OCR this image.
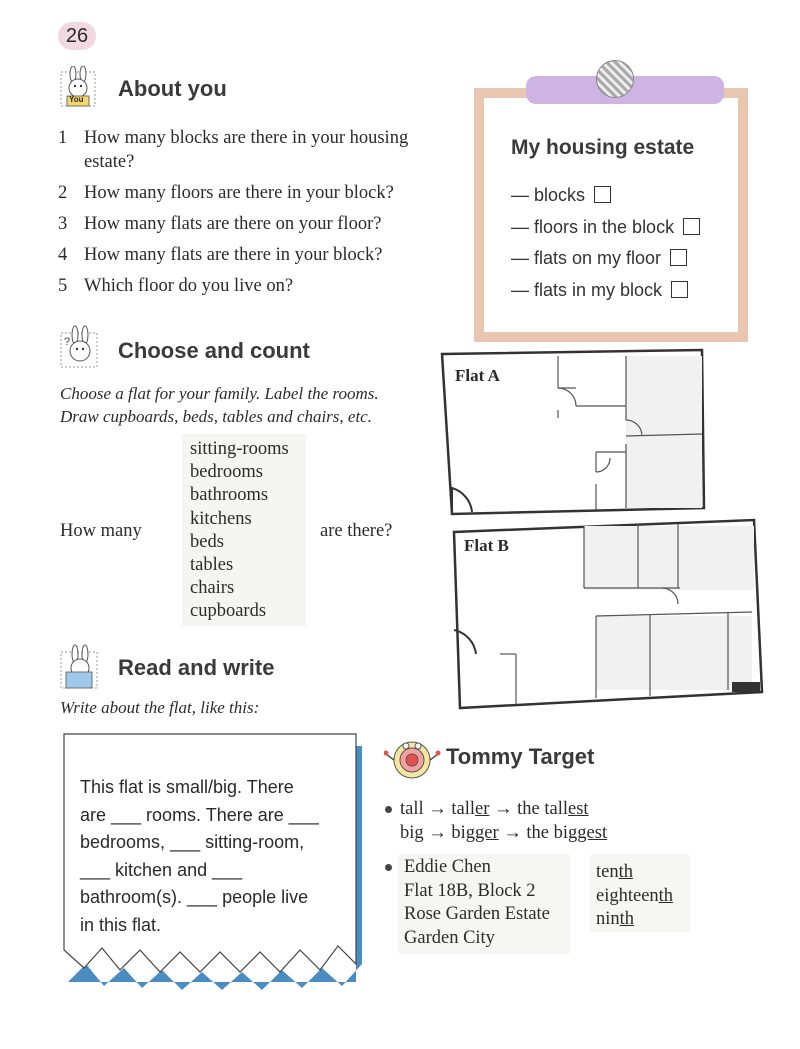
26
You About you
1 How many blocks are there in your housing
estate?
2 How many floors are there in your block?
3 How many flats are there on your floor?
4 How many flats are there in your block?
5 Which floor do you live on?
My housing estate
— blocks
— floors in the block
— flats on my floor
— flats in my block
? Choose and count
Choose a flat for your family. Label the rooms.
Draw cupboards, beds, tables and chairs, etc.
sitting-rooms
bedrooms
bathrooms
kitchens
beds
tables
chairs
cupboards
How many	are there?
Flat A
Flat B
Read and write
Write about the flat, like this:
This flat is small/big. There
are ___ rooms. There are ___
bedrooms, ___ sitting-room,
___ kitchen and ___
bathroom(s). ___ people live
in this flat.
Tommy Target
tall → taller → the tallest
big → bigger → the biggest
Eddie Chen
Flat 18B, Block 2
Rose Garden Estate
Garden City
tenth
eighteenth
ninth
